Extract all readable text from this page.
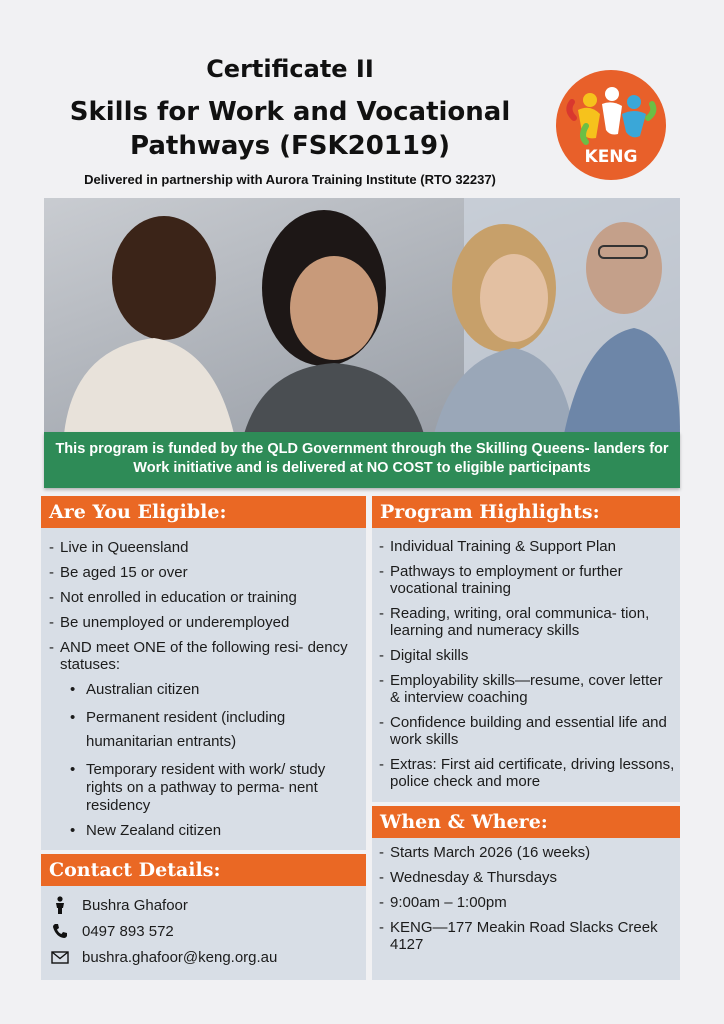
Certificate II
Skills for Work and Vocational
Pathways (FSK20119)
Delivered in partnership with Aurora Training Institute (RTO 32237)
KENG
This program is funded by the QLD Government through the Skilling Queens- landers for Work initiative and is delivered at NO COST to eligible participants
Are You Eligible:
- Live in Queensland
- Be aged 15 or over
- Not enrolled in education or training
- Be unemployed or underemployed
- AND meet ONE of the following resi- dency statuses:
• Australian citizen
• Permanent resident (including humanitarian entrants)
• Temporary resident with work/ study rights on a pathway to perma- nent residency
• New Zealand citizen
Contact Details:
Bushra Ghafoor
0497 893 572
bushra.ghafoor@keng.org.au
Program Highlights:
- Individual Training & Support Plan
- Pathways to employment or further vocational training
- Reading, writing, oral communica- tion, learning and numeracy skills
- Digital skills
- Employability skills—resume, cover letter & interview coaching
- Confidence building and essential life and work skills
- Extras: First aid certificate, driving lessons, police check and more
When & Where:
- Starts March 2026 (16 weeks)
- Wednesday & Thursdays
- 9:00am – 1:00pm
- KENG—177 Meakin Road Slacks Creek 4127
